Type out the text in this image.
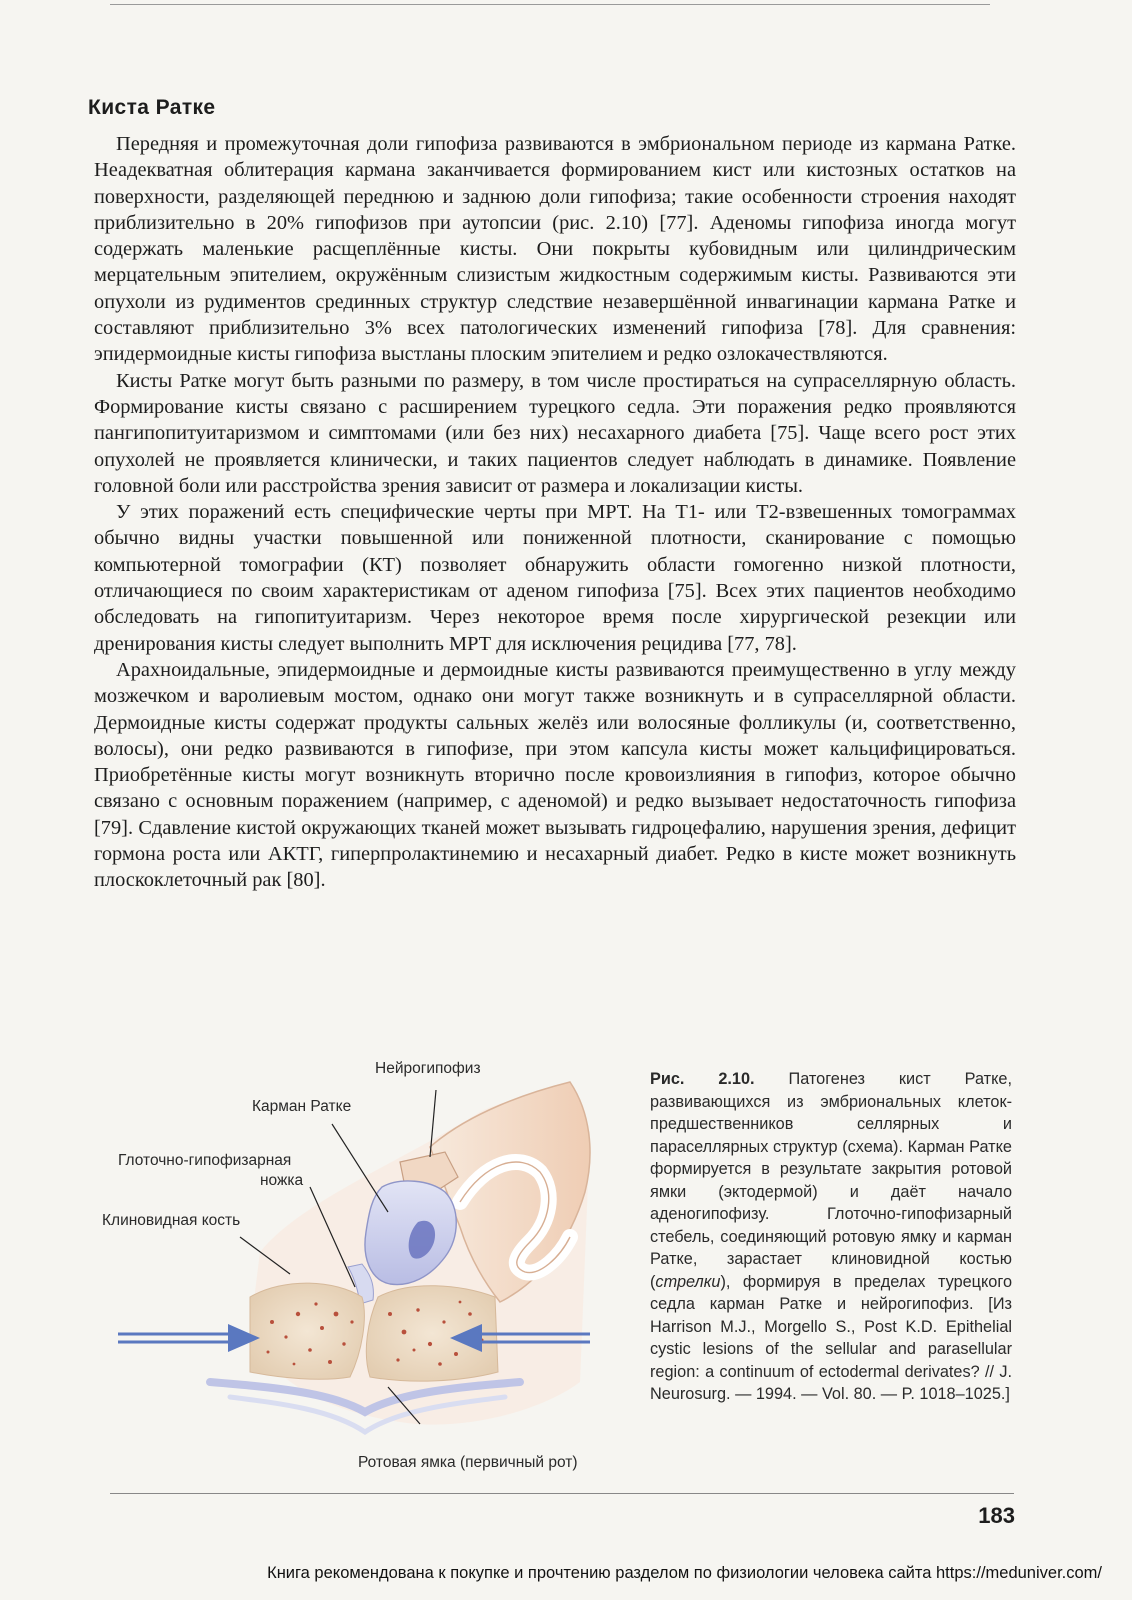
Киста Ратке

Передняя и промежуточная доли гипофиза развиваются в эмбриональном периоде из кармана Ратке. Неадекватная облитерация кармана заканчивается формированием кист или кистозных остатков на поверхности, разделяющей переднюю и заднюю доли гипофиза; такие особенности строения находят приблизительно в 20% гипофизов при аутопсии (рис. 2.10) [77]. Аденомы гипофиза иногда могут содержать маленькие расщеплённые кисты. Они покрыты кубовидным или цилиндрическим мерцательным эпителием, окружённым слизистым жидкостным содержимым кисты. Развиваются эти опухоли из рудиментов срединных структур следствие незавершённой инвагинации кармана Ратке и составляют приблизительно 3% всех патологических изменений гипофиза [78]. Для сравнения: эпидермоидные кисты гипофиза выстланы плоским эпителием и редко озлокачествляются.

Кисты Ратке могут быть разными по размеру, в том числе простираться на супраселлярную область. Формирование кисты связано с расширением турецкого седла. Эти поражения редко проявляются пангипопитуитаризмом и симптомами (или без них) несахарного диабета [75]. Чаще всего рост этих опухолей не проявляется клинически, и таких пациентов следует наблюдать в динамике. Появление головной боли или расстройства зрения зависит от размера и локализации кисты.

У этих поражений есть специфические черты при МРТ. На Т1- или Т2-взвешенных томограммах обычно видны участки повышенной или пониженной плотности, сканирование с помощью компьютерной томографии (КТ) позволяет обнаружить области гомогенно низкой плотности, отличающиеся по своим характеристикам от аденом гипофиза [75]. Всех этих пациентов необходимо обследовать на гипопитуитаризм. Через некоторое время после хирургической резекции или дренирования кисты следует выполнить МРТ для исключения рецидива [77, 78].

Арахноидальные, эпидермоидные и дермоидные кисты развиваются преимущественно в углу между мозжечком и варолиевым мостом, однако они могут также возникнуть и в супраселлярной области. Дермоидные кисты содержат продукты сальных желёз или волосяные фолликулы (и, соответственно, волосы), они редко развиваются в гипофизе, при этом капсула кисты может кальцифицироваться. Приобретённые кисты могут возникнуть вторично после кровоизлияния в гипофиз, которое обычно связано с основным поражением (например, с аденомой) и редко вызывает недостаточность гипофиза [79]. Сдавление кистой окружающих тканей может вызывать гидроцефалию, нарушения зрения, дефицит гормона роста или АКТГ, гиперпролактинемию и несахарный диабет. Редко в кисте может возникнуть плоскоклеточный рак [80].

Нейрогипофиз
Карман Ратке
Глоточно-гипофизарная
ножка
Клиновидная кость
Ротовая ямка (первичный рот)
Рис. 2.10. Патогенез кист Ратке, развивающихся из эмбриональных клеток-предшественников селлярных и параселлярных структур (схема). Карман Ратке формируется в результате закрытия ротовой ямки (эктодермой) и даёт начало аденогипофизу. Глоточно-гипофизарный стебель, соединяющий ротовую ямку и карман Ратке, зарастает клиновидной костью (стрелки), формируя в пределах турецкого седла карман Ратке и нейрогипофиз. [Из Harrison M.J., Morgello S., Post K.D. Epithelial cystic lesions of the sellular and parasellular region: a continuum of ectodermal derivates? // J. Neurosurg. — 1994. — Vol. 80. — P. 1018–1025.]
183
Книга рекомендована к покупке и прочтению разделом по физиологии человека сайта https://meduniver.com/
